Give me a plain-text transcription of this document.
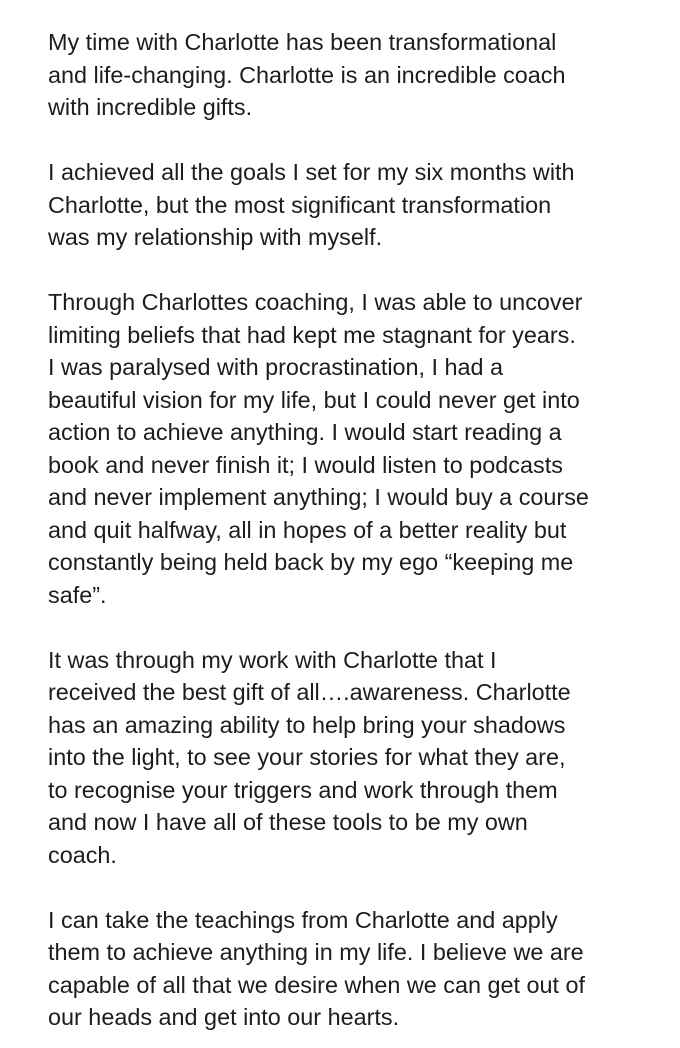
My time with Charlotte has been transformational
and life-changing. Charlotte is an incredible coach
with incredible gifts.

I achieved all the goals I set for my six months with
Charlotte, but the most significant transformation
was my relationship with myself.

Through Charlottes coaching, I was able to uncover
limiting beliefs that had kept me stagnant for years.
I was paralysed with procrastination, I had a
beautiful vision for my life, but I could never get into
action to achieve anything. I would start reading a
book and never finish it; I would listen to podcasts
and never implement anything; I would buy a course
and quit halfway, all in hopes of a better reality but
constantly being held back by my ego “keeping me
safe”.

It was through my work with Charlotte that I
received the best gift of all….awareness. Charlotte
has an amazing ability to help bring your shadows
into the light, to see your stories for what they are,
to recognise your triggers and work through them
and now I have all of these tools to be my own
coach.

I can take the teachings from Charlotte and apply
them to achieve anything in my life. I believe we are
capable of all that we desire when we can get out of
our heads and get into our hearts.
